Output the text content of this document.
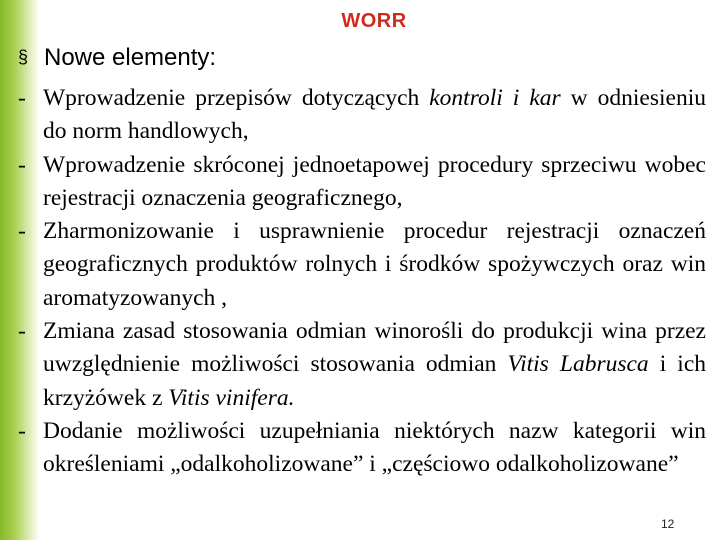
WORR
§ Nowe elementy:
- Wprowadzenie przepisów dotyczących kontroli i kar w odniesieniu do norm handlowych,
- Wprowadzenie skróconej jednoetapowej procedury sprzeciwu wobec rejestracji oznaczenia geograficznego,
- Zharmonizowanie i usprawnienie procedur rejestracji oznaczeń geograficznych produktów rolnych i środków spożywczych oraz win aromatyzowanych ,
- Zmiana zasad stosowania odmian winorośli do produkcji wina przez uwzględnienie możliwości stosowania odmian Vitis Labrusca i ich krzyżówek z Vitis vinifera.
- Dodanie możliwości uzupełniania niektórych nazw kategorii win określeniami „odalkoholizowane” i „częściowo odalkoholizowane”
12
